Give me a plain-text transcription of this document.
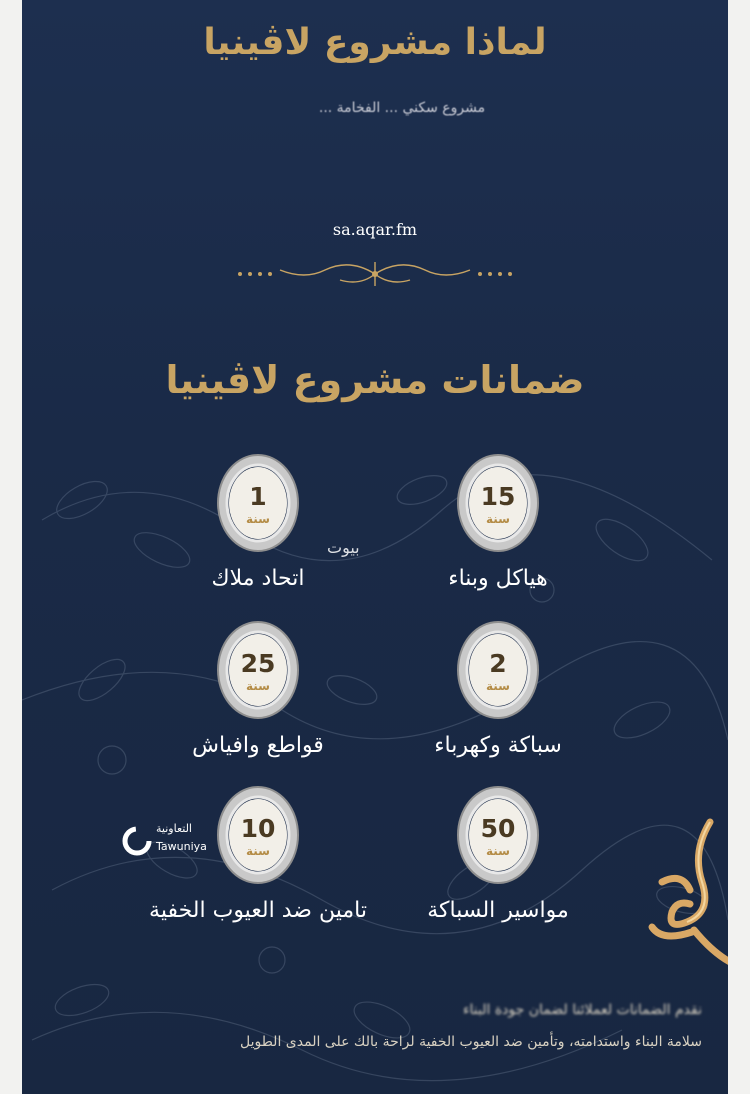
لماذا مشروع لاڤينيا
مشروع سكني ... الفخامة ...
sa.aqar.fm
ضمانات مشروع لاڤينيا
15
سنة
هياكل وبناء
2
سنة
سباكة وكهرباء
50
سنة
مواسير السباكة
1
سنة
اتحاد ملاك
25
سنة
قواطع وافياش
10
سنة
تامين ضد العيوب الخفية
بيوت
التعاونية
Tawuniya
نقدم الضمانات لعملائنا لضمان جودة البناء
سلامة البناء واستدامته، وتأمين ضد العيوب الخفية لراحة بالك على المدى الطويل
